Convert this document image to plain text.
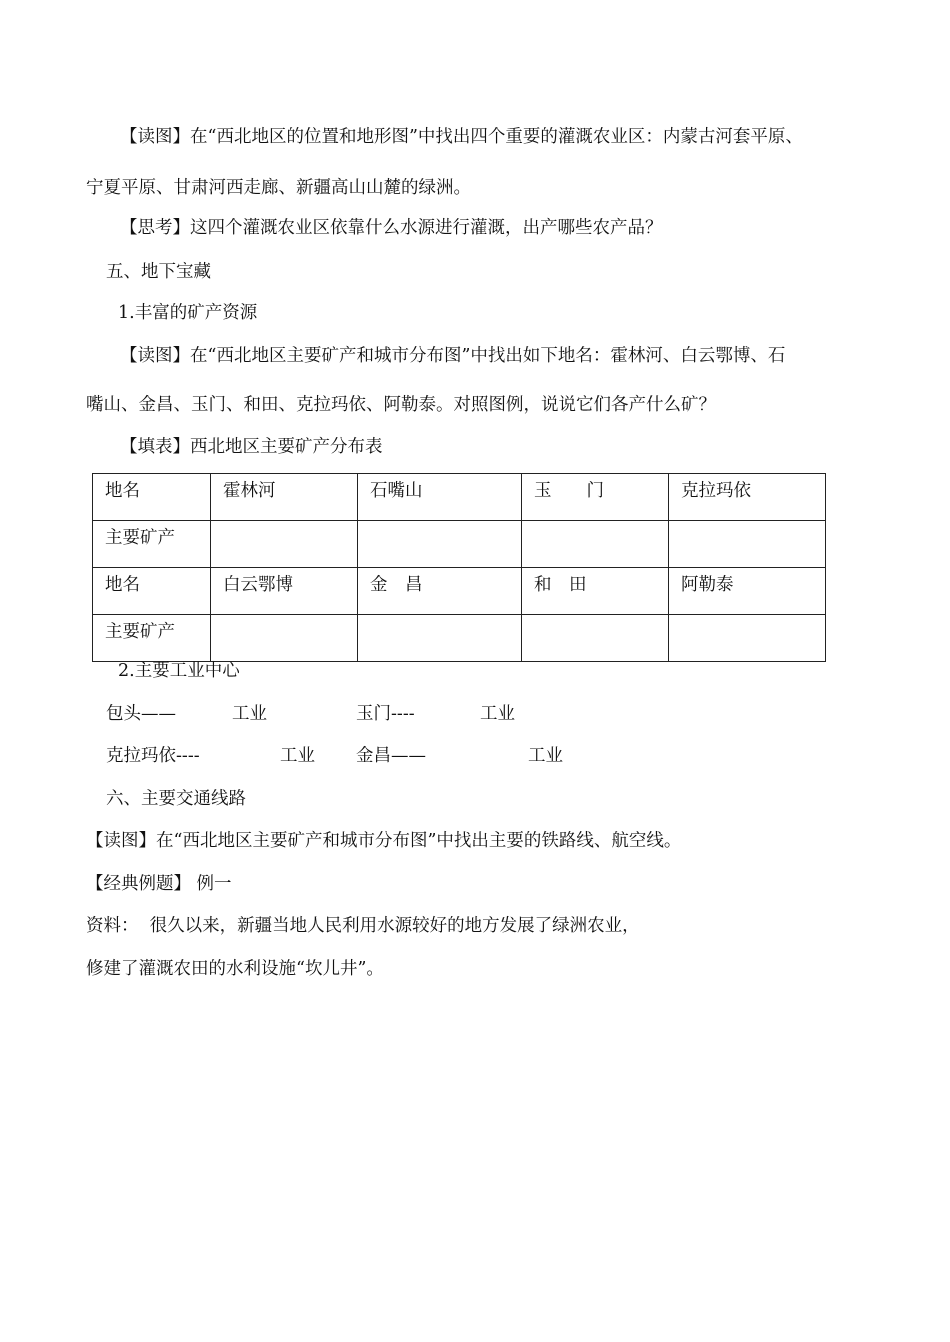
【读图】在“西北地区的位置和地形图”中找出四个重要的灌溉农业区：内蒙古河套平原、
宁夏平原、甘肃河西走廊、新疆高山山麓的绿洲。
【思考】这四个灌溉农业区依靠什么水源进行灌溉，出产哪些农产品？
五、地下宝藏
1.丰富的矿产资源
【读图】在“西北地区主要矿产和城市分布图”中找出如下地名：霍林河、白云鄂博、石
嘴山、金昌、玉门、和田、克拉玛依、阿勒泰。对照图例，说说它们各产什么矿？
【填表】西北地区主要矿产分布表
地名	霍林河	石嘴山	玉　　门	克拉玛依
主要矿产				
地名	白云鄂博	金　昌	和　田	阿勒泰
主要矿产				
2.主要工业中心
包头——	工业	玉门----	工业
克拉玛依----	工业 金昌——	工业
六、主要交通线路
【读图】在“西北地区主要矿产和城市分布图”中找出主要的铁路线、航空线。
【经典例题】 例一
资料：  很久以来，新疆当地人民利用水源较好的地方发展了绿洲农业，
修建了灌溉农田的水利设施“坎儿井”。
